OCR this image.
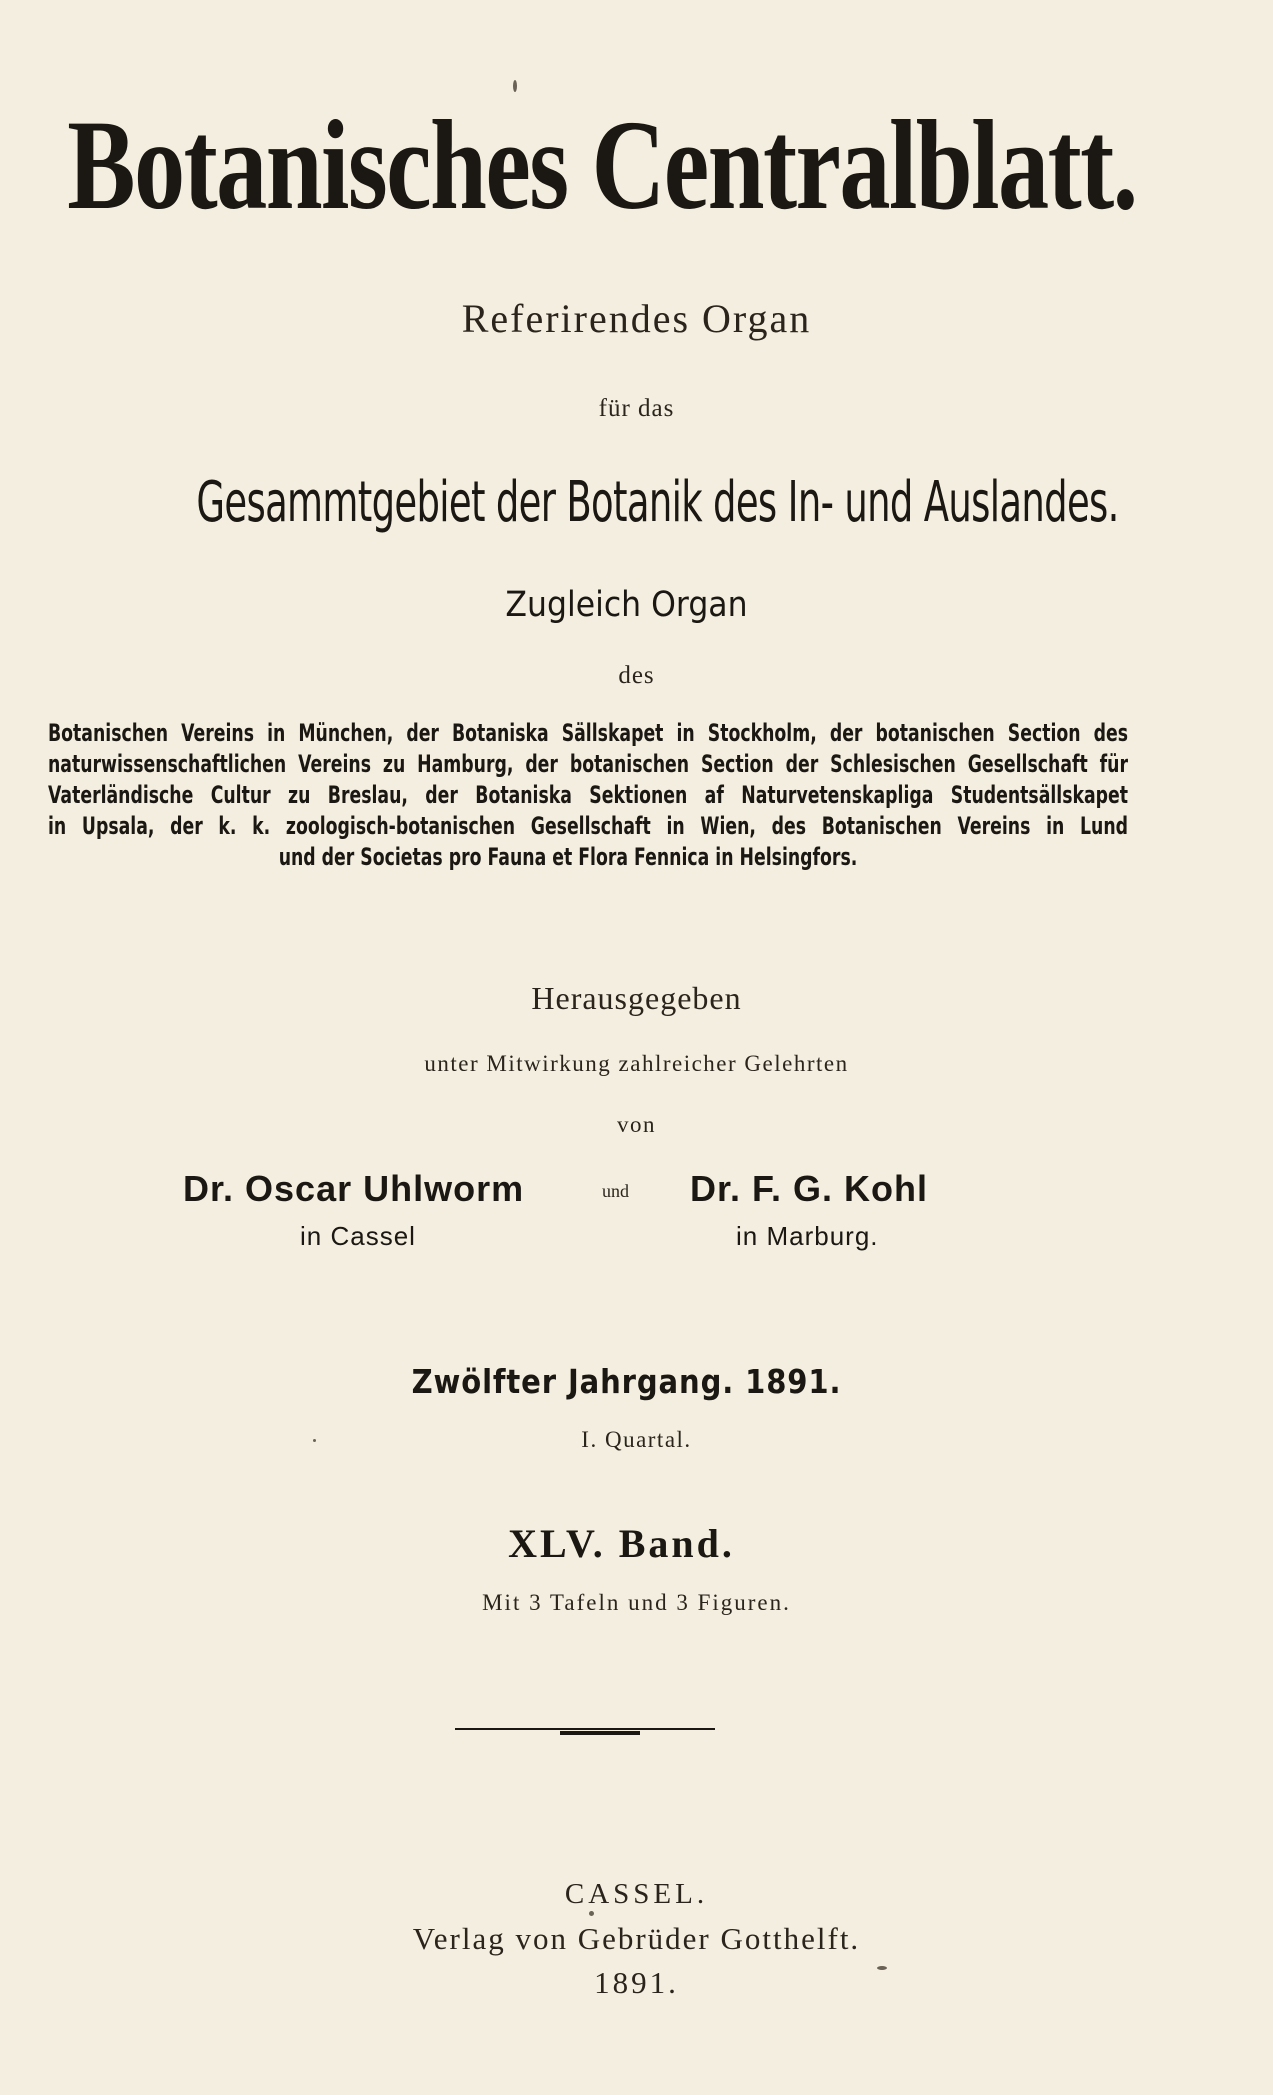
Botanisches Centralblatt.

Referirendes Organ

für das

Gesammtgebiet der Botanik des In- und Auslandes.

Zugleich Organ

des

Botanischen Vereins in München, der Botaniska Sällskapet in Stockholm, der botanischen Section des
naturwissenschaftlichen Vereins zu Hamburg, der botanischen Section der Schlesischen Gesellschaft für
Vaterländische Cultur zu Breslau, der Botaniska Sektionen af Naturvetenskapliga Studentsällskapet
in Upsala, der k. k. zoologisch-botanischen Gesellschaft in Wien, des Botanischen Vereins in Lund
und der Societas pro Fauna et Flora Fennica in Helsingfors.

Herausgegeben

unter Mitwirkung zahlreicher Gelehrten

von

Dr. Oscar Uhlworm	und Dr. F. G. Kohl
in Cassel	in Marburg.

Zwölfter Jahrgang. 1891.

I. Quartal.

XLV. Band.

Mit 3 Tafeln und 3 Figuren.

CASSEL.

Verlag von Gebrüder Gotthelft.

1891.
